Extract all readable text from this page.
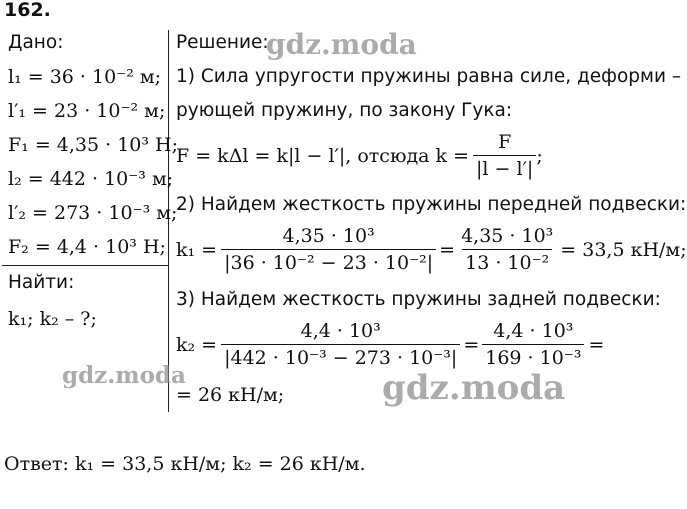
162.
Дано:
l₁ = 36 · 10⁻² м;
l′₁ = 23 · 10⁻² м;
F₁ = 4,35 · 10³ Н;
l₂ = 442 · 10⁻³ м;
l′₂ = 273 · 10⁻³ м;
F₂ = 4,4 · 10³ Н;
Найти:
k₁; k₂ – ?;
Решение:
1) Сила упругости пружины равна силе, деформи –
рующей пружину, по закону Гука:
F = kΔl = k|l − l′|, отсюда $k = \frac{F}{|l - l'|}$ ;
2) Найдем жесткость пружины передней подвески:
$k_1 = \frac{\text{4,35 · 10³}}{\text{|36 · 10⁻² − 23 · 10⁻²|}} = \frac{\text{4,35 · 10³}}{\text{13 · 10⁻²}} = 33,5$ кН/м;
3) Найдем жесткость пружины задней подвески:
$k_2 = \frac{\text{4,4 · 10³}}{\text{|442 · 10⁻³ − 273 · 10⁻³|}} = \frac{\text{4,4 · 10³}}{\text{169 · 10⁻³}}$ =
= 26 кН/м;
Ответ: k₁ = 33,5 кН/м; k₂ = 26 кН/м.
gdz.moda
gdz.moda	gdz.moda
